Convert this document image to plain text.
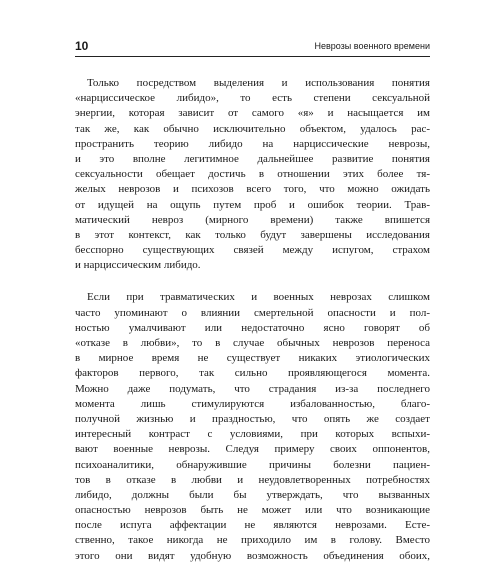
10	Неврозы военного времени

Только посредством выделения и использования понятия
«нарциссическое либидо», то есть степени сексуальной
энергии, которая зависит от самого «я» и насыщается им
так же, как обычно исключительно объектом, удалось рас-
пространить теорию либидо на нарциссические неврозы,
и это вполне легитимное дальнейшее развитие понятия
сексуальности обещает достичь в отношении этих более тя-
желых неврозов и психозов всего того, что можно ожидать
от идущей на ощупь путем проб и ошибок теории. Трав-
матический невроз (мирного времени) также впишется
в этот контекст, как только будут завершены исследования
бесспорно существующих связей между испугом, страхом
и нарциссическим либидо.

Если при травматических и военных неврозах слишком
часто упоминают о влиянии смертельной опасности и пол-
ностью умалчивают или недостаточно ясно говорят об
«отказе в любви», то в случае обычных неврозов переноса
в мирное время не существует никаких этиологических
факторов первого, так сильно проявляющегося момента.
Можно даже подумать, что страдания из-за последнего
момента лишь стимулируются избалованностью, благо-
получной жизнью и праздностью, что опять же создает
интересный контраст с условиями, при которых вспыхи-
вают военные неврозы. Следуя примеру своих оппонентов,
психоаналитики, обнаружившие причины болезни пациен-
тов в отказе в любви и неудовлетворенных потребностях
либидо, должны были бы утверждать, что вызванных
опасностью неврозов быть не может или что возникающие
после испуга аффектации не являются неврозами. Есте-
ственно, такое никогда не приходило им в голову. Вместо
этого они видят удобную возможность объединения обоих,
